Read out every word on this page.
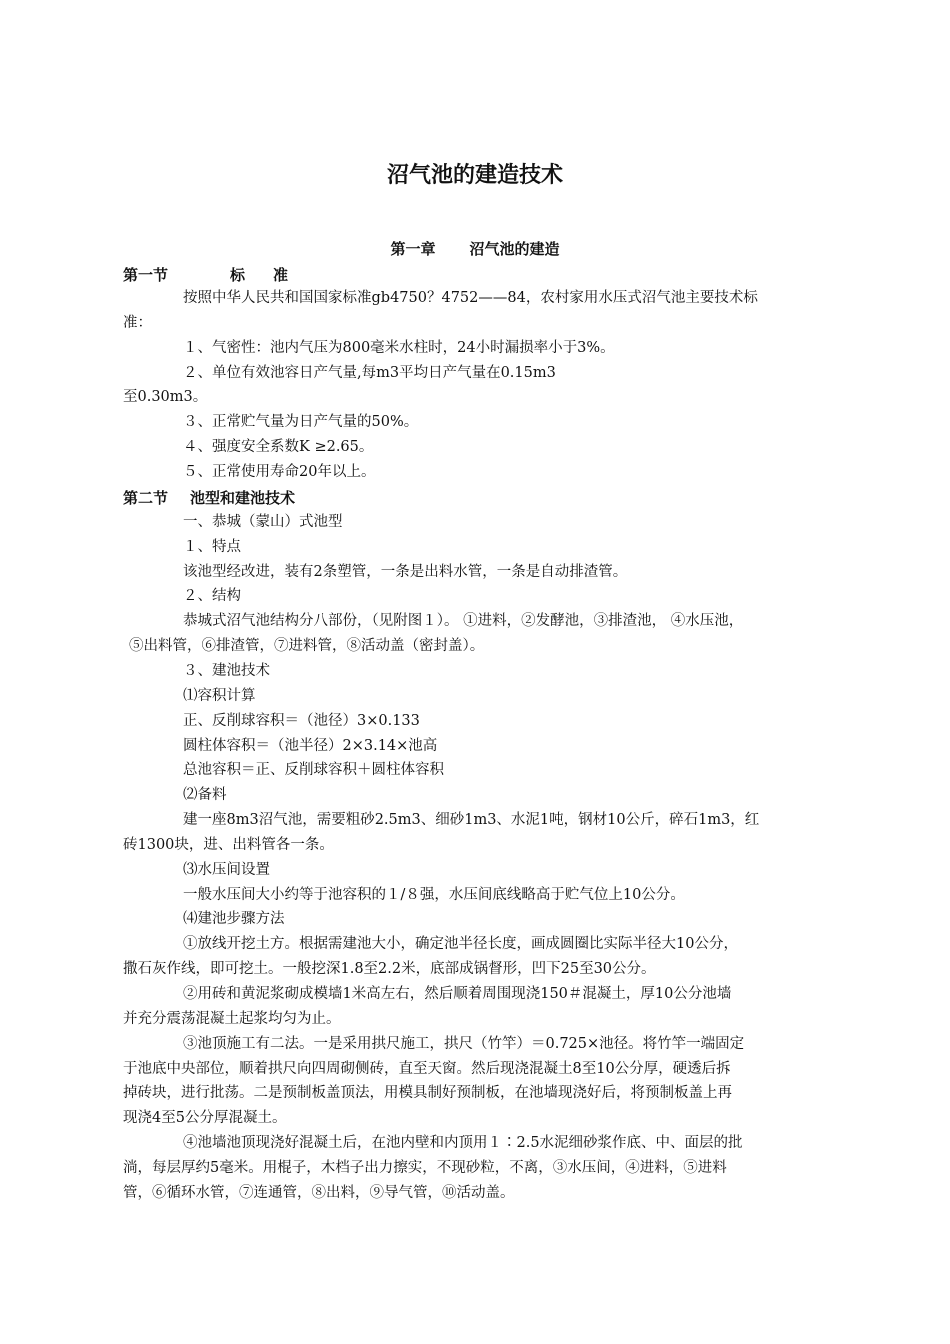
沼气池的建造技术
第一章 沼气池的建造
第一节	标 准
按照中华人民共和国国家标准gb4750？4752——84，农村家用水压式沼气池主要技术标
准：
１、气密性：池内气压为800毫米水柱时，24小时漏损率小于3%。
２、单位有效池容日产气量,每m3平均日产气量在0.15m3
至0.30m3。
３、正常贮气量为日产气量的50%。
４、强度安全系数K ≥2.65。
５、正常使用寿命20年以上。
第二节 池型和建池技术
一、恭城（蒙山）式池型
１、特点
该池型经改进，装有2条塑管，一条是出料水管，一条是自动排渣管。
２、结构
恭城式沼气池结构分八部份，（见附图１）。 ①进料，②发酵池，③排渣池， ④水压池，
⑤出料管，⑥排渣管，⑦进料管，⑧活动盖（密封盖）。
３、建池技术
⑴容积计算
正、反削球容积＝（池径）3×0.133
圆柱体容积＝（池半径）2×3.14×池高
总池容积＝正、反削球容积＋圆柱体容积
⑵备料
建一座8m3沼气池，需要粗砂2.5m3、细砂1m3、水泥1吨，钢材10公斤，碎石1m3，红
砖1300块，进、出料管各一条。
⑶水压间设置
一般水压间大小约等于池容积的１/８强，水压间底线略高于贮气位上10公分。
⑷建池步骤方法
①放线开挖土方。根据需建池大小，确定池半径长度，画成圆圈比实际半径大10公分，
撒石灰作线，即可挖土。一般挖深1.8至2.2米，底部成锅督形，凹下25至30公分。
②用砖和黄泥浆砌成模墙1米高左右，然后顺着周围现浇150＃混凝土，厚10公分池墙
并充分震荡混凝土起浆均匀为止。
③池顶施工有二法。一是采用拱尺施工，拱尺（竹竿）＝0.725×池径。将竹竿一端固定
于池底中央部位，顺着拱尺向四周砌侧砖，直至天窗。然后现浇混凝土8至10公分厚，硬透后拆
掉砖块，进行批荡。二是预制板盖顶法，用模具制好预制板，在池墙现浇好后，将预制板盖上再
现浇4至5公分厚混凝土。
④池墙池顶现浇好混凝土后，在池内壁和内顶用１∶2.5水泥细砂浆作底、中、面层的批
淌，每层厚约5毫米。用棍子，木档子出力擦实，不现砂粒，不离，③水压间，④进料，⑤进料
管，⑥循环水管，⑦连通管，⑧出料，⑨导气管，⑩活动盖。
